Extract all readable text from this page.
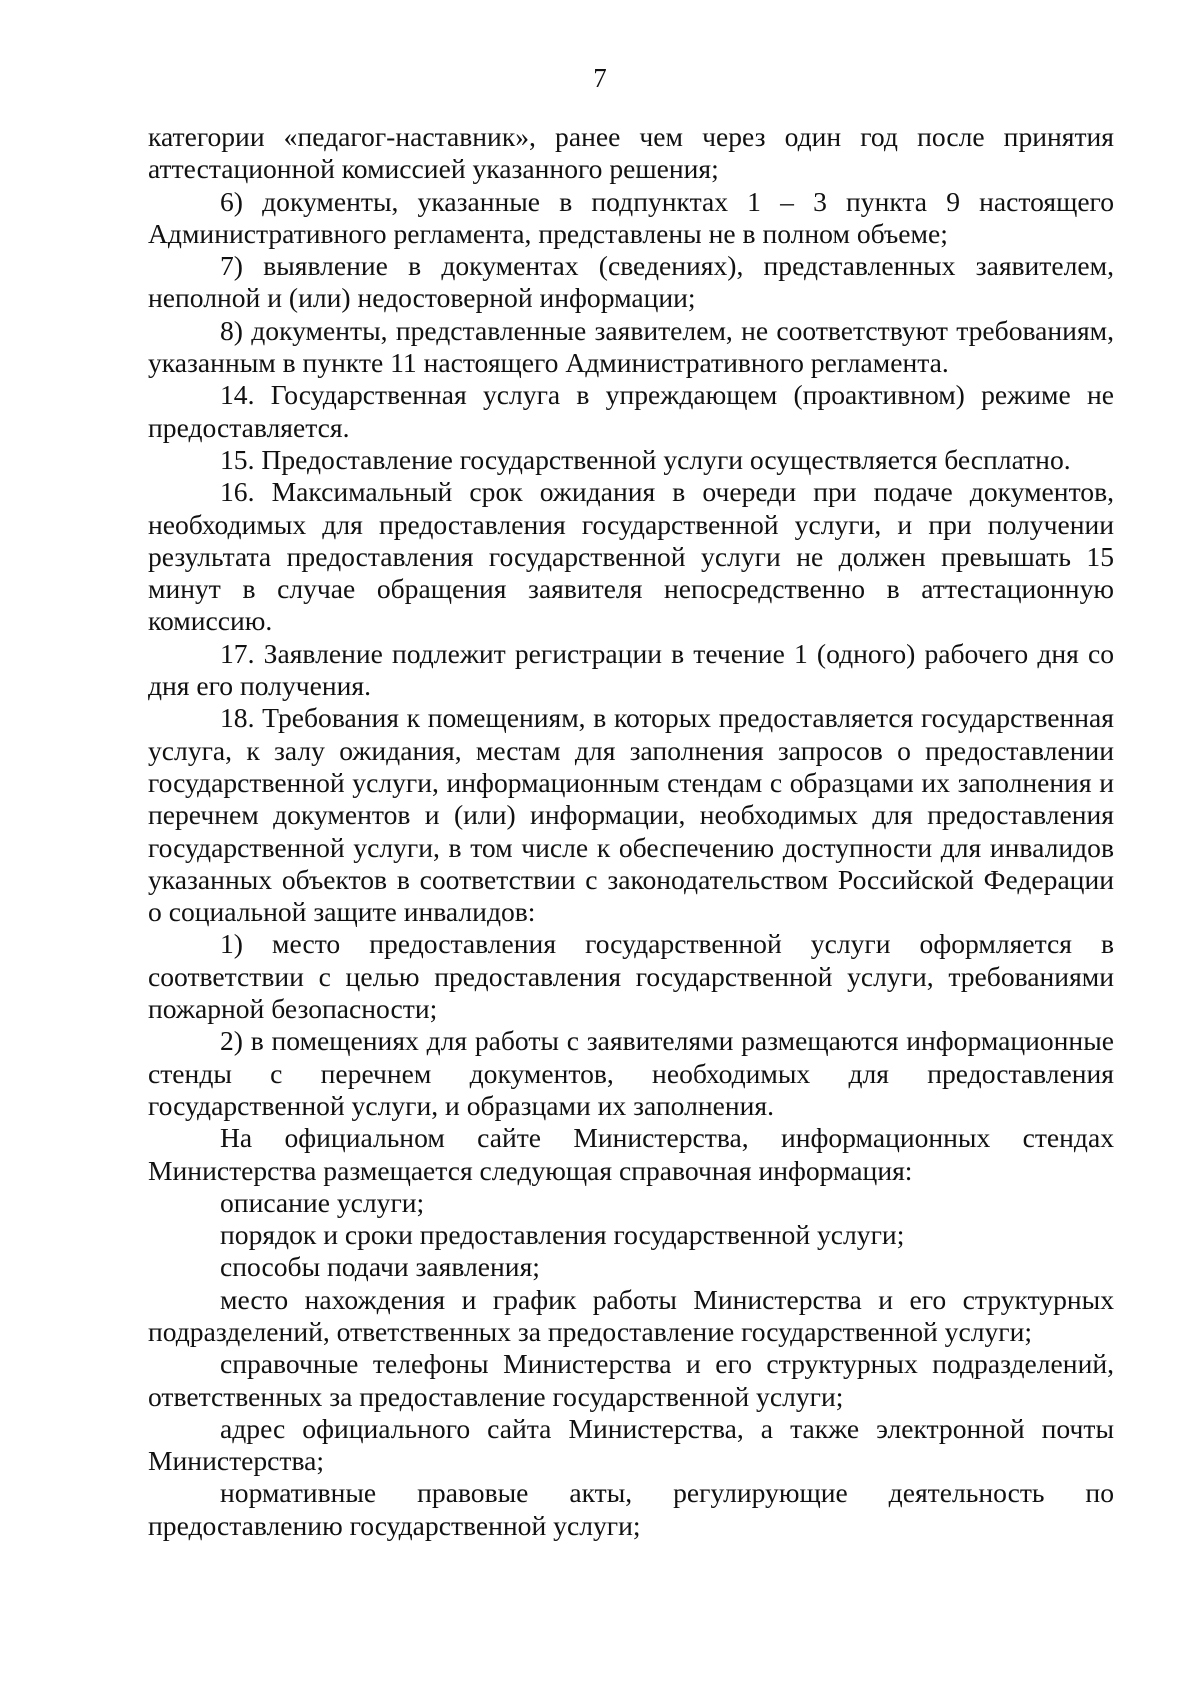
7

категории «педагог-наставник», ранее чем через один год после принятия аттестационной комиссией указанного решения;

6) документы, указанные в подпунктах 1 – 3 пункта 9 настоящего Административного регламента, представлены не в полном объеме;

7) выявление в документах (сведениях), представленных заявителем, неполной и (или) недостоверной информации;

8) документы, представленные заявителем, не соответствуют требованиям, указанным в пункте 11 настоящего Административного регламента.

14. Государственная услуга в упреждающем (проактивном) режиме не предоставляется.

15. Предоставление государственной услуги осуществляется бесплатно.

16. Максимальный срок ожидания в очереди при подаче документов, необходимых для предоставления государственной услуги, и при получении результата предоставления государственной услуги не должен превышать 15 минут в случае обращения заявителя непосредственно в аттестационную комиссию.

17. Заявление подлежит регистрации в течение 1 (одного) рабочего дня со дня его получения.

18. Требования к помещениям, в которых предоставляется государственная услуга, к залу ожидания, местам для заполнения запросов о предоставлении государственной услуги, информационным стендам с образцами их заполнения и перечнем документов и (или) информации, необходимых для предоставления государственной услуги, в том числе к обеспечению доступности для инвалидов указанных объектов в соответствии с законодательством Российской Федерации о социальной защите инвалидов:

1) место предоставления государственной услуги оформляется в соответствии с целью предоставления государственной услуги, требованиями пожарной безопасности;

2) в помещениях для работы с заявителями размещаются информационные стенды с перечнем документов, необходимых для предоставления государственной услуги, и образцами их заполнения.

На официальном сайте Министерства, информационных стендах Министерства размещается следующая справочная информация:

описание услуги;

порядок и сроки предоставления государственной услуги;

способы подачи заявления;

место нахождения и график работы Министерства и его структурных подразделений, ответственных за предоставление государственной услуги;

справочные телефоны Министерства и его структурных подразделений, ответственных за предоставление государственной услуги;

адрес официального сайта Министерства, а также электронной почты Министерства;

нормативные правовые акты, регулирующие деятельность по предоставлению государственной услуги;
